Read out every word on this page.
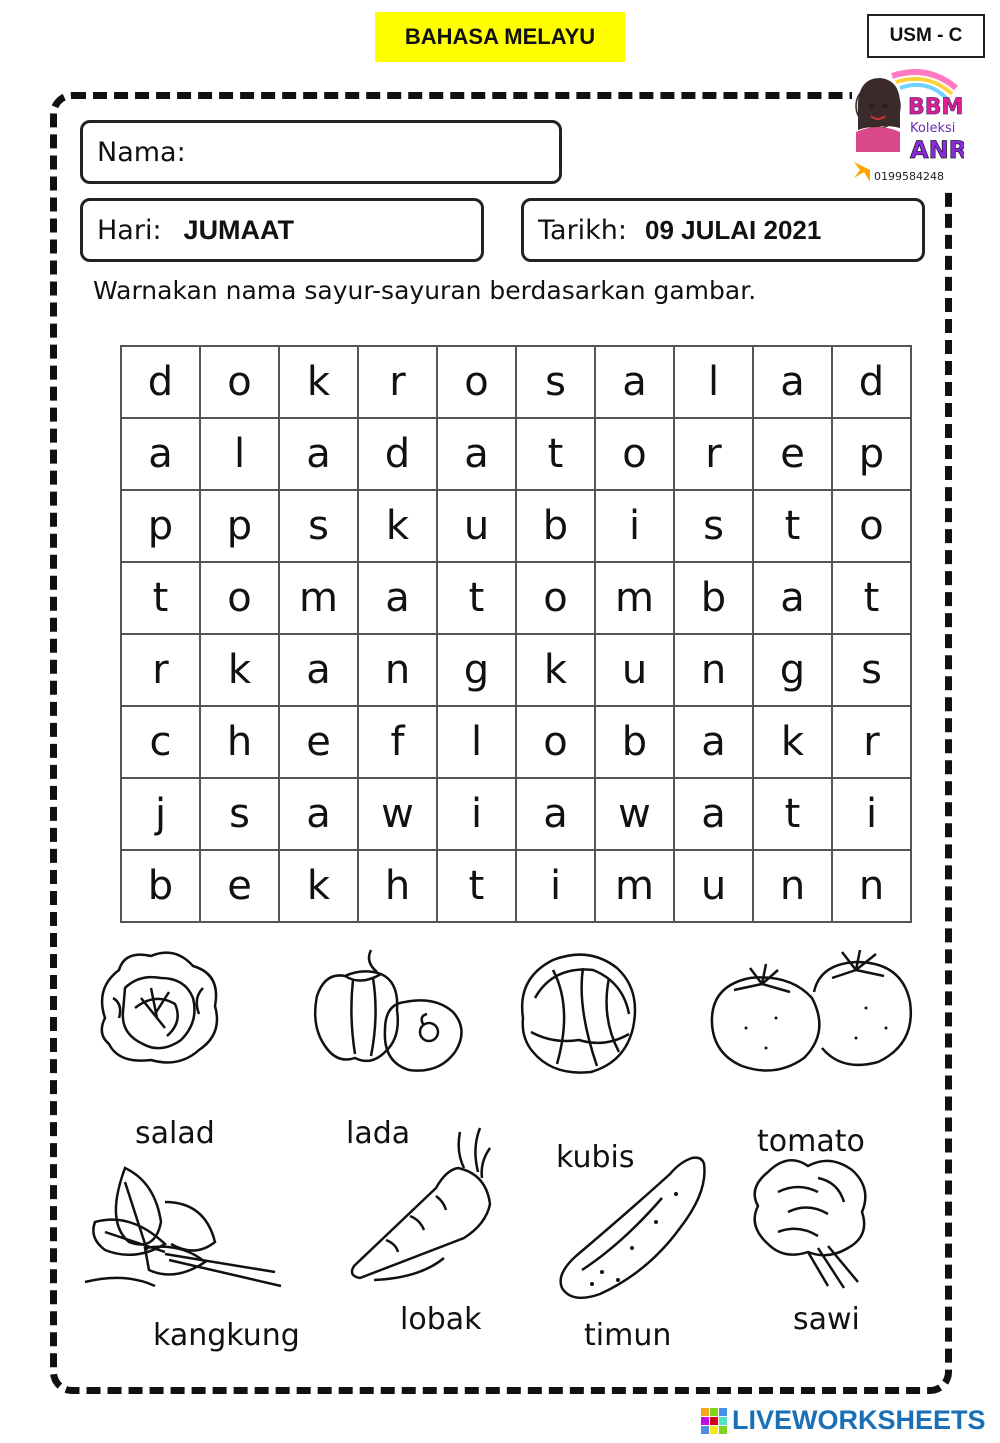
BAHASA MELAYU	USM - C
BBM
Koleksi
ANR
0199584248
Nama:
Hari: JUMAAT	Tarikh: 09 JULAI 2021
Warnakan nama sayur-sayuran berdasarkan gambar.
d	o	k	r	o	s	a	l	a	d
a	l	a	d	a	t	o	r	e	p
p	p	s	k	u	b	i	s	t	o
t	o	m	a	t	o	m	b	a	t
r	k	a	n	g	k	u	n	g	s
c	h	e	f	l	o	b	a	k	r
j	s	a	w	i	a	w	a	t	i
b	e	k	h	t	i	m	u	n	n
salad	lada
kubis	tomato
kangkung	lobak	timun	sawi
LIVEWORKSHEETS
